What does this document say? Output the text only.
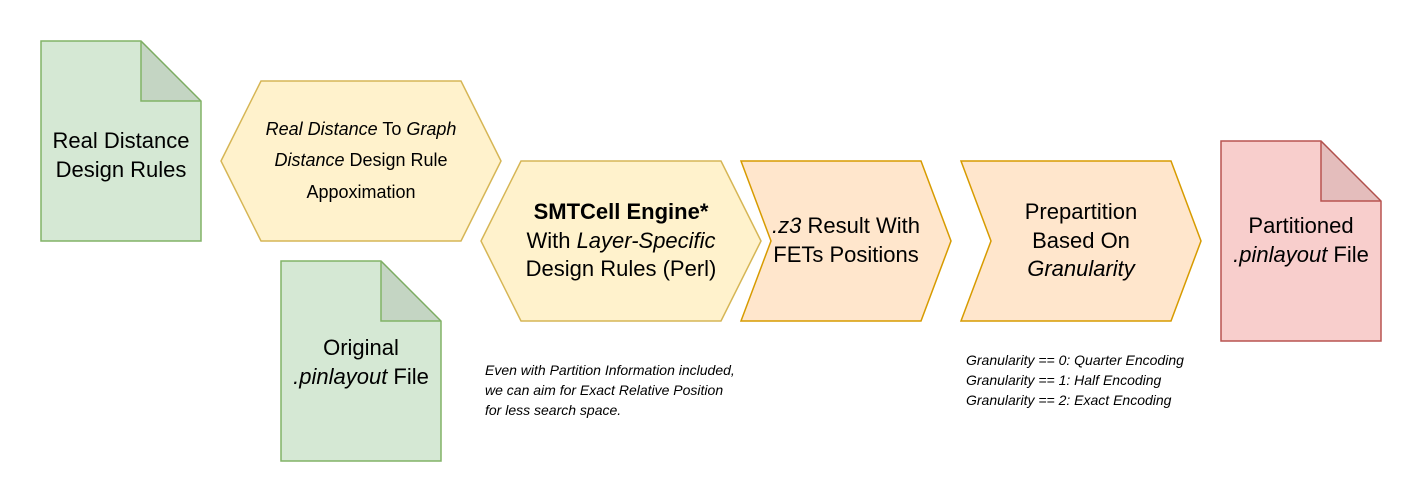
Real Distance
Design Rules
Real Distance To Graph
Distance Design Rule
Appoximation
Original
.pinlayout File
SMTCell Engine*
With Layer-Specific
Design Rules (Perl)
.z3 Result With
FETs Positions
Prepartition
Based On
Granularity
Partitioned
.pinlayout File
Even with Partition Information included,
we can aim for Exact Relative Position
for less search space.
Granularity == 0: Quarter Encoding
Granularity == 1: Half Encoding
Granularity == 2: Exact Encoding
